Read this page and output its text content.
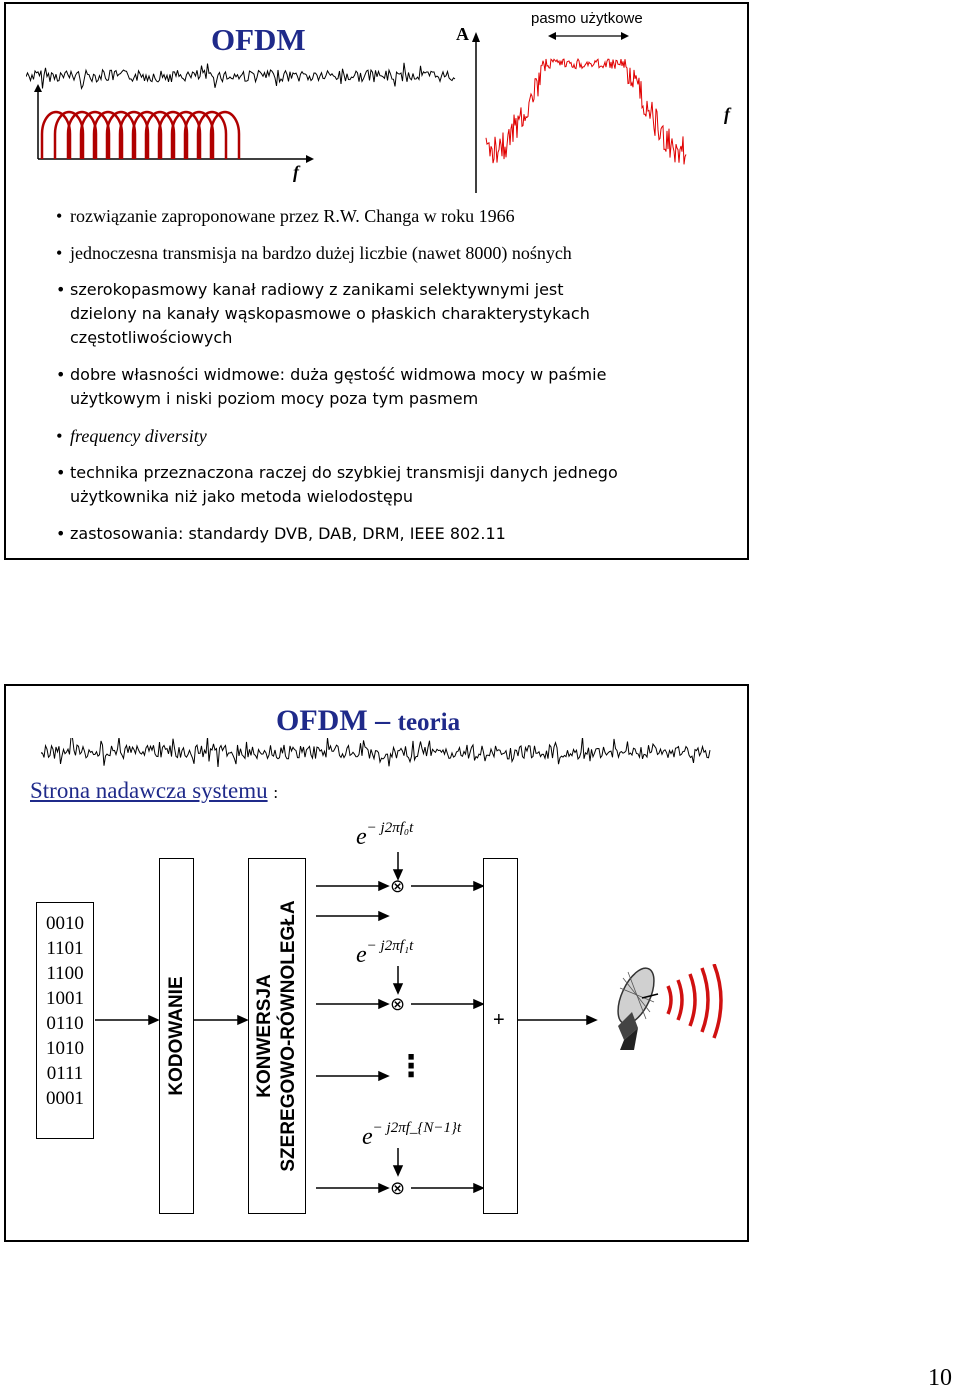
OFDM
f
A
pasmo użytkowe
f
• rozwiązanie zaproponowane przez R.W. Changa w roku 1966
• jednoczesna transmisja na bardzo dużej liczbie (nawet 8000) nośnych
• szerokopasmowy kanał radiowy z zanikami selektywnymi jest dzielony na kanały wąskopasmowe o płaskich charakterystykach częstotliwościowych
• dobre własności widmowe: duża gęstość widmowa mocy w paśmie użytkowym i niski poziom mocy poza tym pasmem
• frequency diversity
• technika przeznaczona raczej do szybkiej transmisji danych jednego użytkownika niż jako metoda wielodostępu
• zastosowania: standardy DVB, DAB, DRM, IEEE 802.11
OFDM – teoria
Strona nadawcza systemu :
$e^{- j2\pi f_0t}$
$e^{- j2\pi f_1t}$
$e^{- j2\pi f\_\{N-1\}t}$
⊗
⊗
⊗
⋮
0010
1101
1100
1001
0110
1010
0111
0001
KODOWANIE	KONWERSJA SZEREGOWO-RÓWNOLEGŁA	+
10
